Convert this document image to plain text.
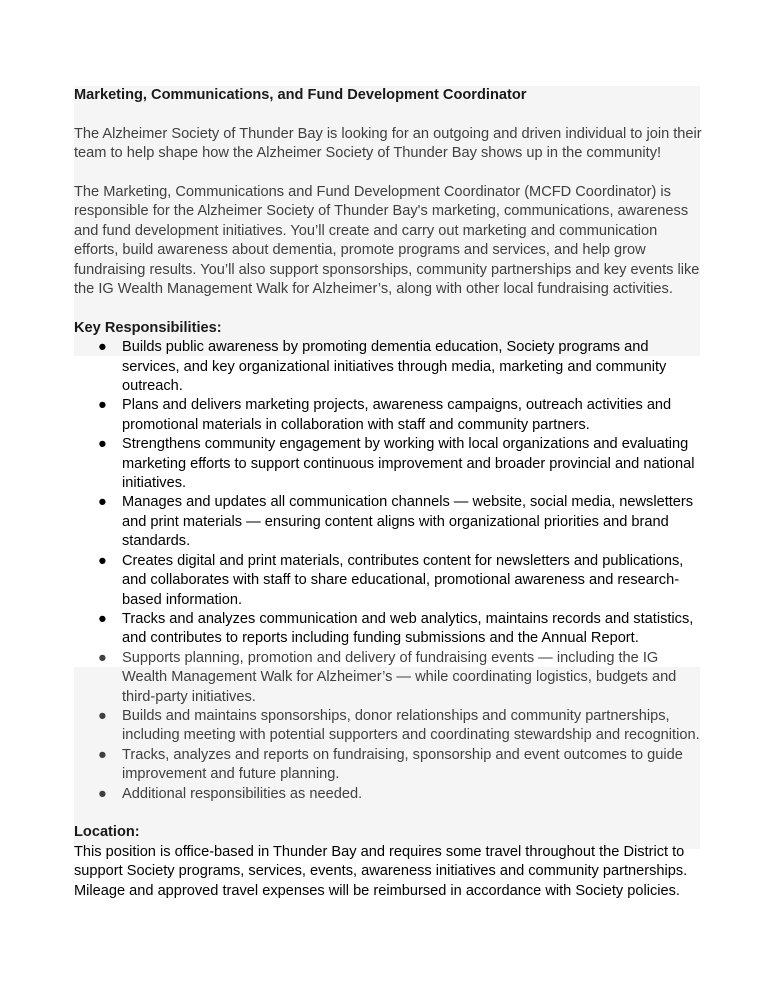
Marketing, Communications, and Fund Development Coordinator

The Alzheimer Society of Thunder Bay is looking for an outgoing and driven individual to join their team to help shape how the Alzheimer Society of Thunder Bay shows up in the community!

The Marketing, Communications and Fund Development Coordinator (MCFD Coordinator) is responsible for the Alzheimer Society of Thunder Bay's marketing, communications, awareness and fund development initiatives. You’ll create and carry out marketing and communication efforts, build awareness about dementia, promote programs and services, and help grow fundraising results. You’ll also support sponsorships, community partnerships and key events like the IG Wealth Management Walk for Alzheimer’s, along with other local fundraising activities.

Key Responsibilities:

● Builds public awareness by promoting dementia education, Society programs and services, and key organizational initiatives through media, marketing and community outreach.
● Plans and delivers marketing projects, awareness campaigns, outreach activities and promotional materials in collaboration with staff and community partners.
● Strengthens community engagement by working with local organizations and evaluating marketing efforts to support continuous improvement and broader provincial and national initiatives.
● Manages and updates all communication channels — website, social media, newsletters and print materials — ensuring content aligns with organizational priorities and brand standards.
● Creates digital and print materials, contributes content for newsletters and publications, and collaborates with staff to share educational, promotional awareness and research-based information.
● Tracks and analyzes communication and web analytics, maintains records and statistics, and contributes to reports including funding submissions and the Annual Report.
● Supports planning, promotion and delivery of fundraising events — including the IG Wealth Management Walk for Alzheimer’s — while coordinating logistics, budgets and third-party initiatives.
● Builds and maintains sponsorships, donor relationships and community partnerships, including meeting with potential supporters and coordinating stewardship and recognition.
● Tracks, analyzes and reports on fundraising, sponsorship and event outcomes to guide improvement and future planning.
● Additional responsibilities as needed.

Location:

This position is office-based in Thunder Bay and requires some travel throughout the District to support Society programs, services, events, awareness initiatives and community partnerships. Mileage and approved travel expenses will be reimbursed in accordance with Society policies.
